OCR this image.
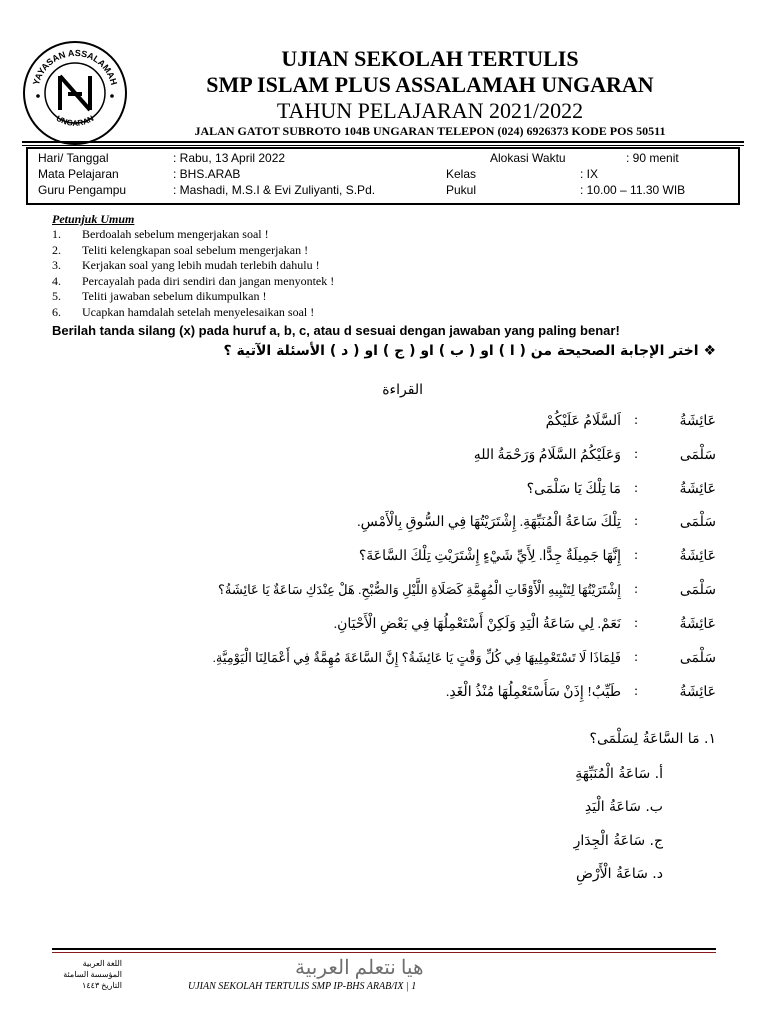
YAYASAN ASSALAMAH
UNGARAN
UJIAN SEKOLAH TERTULIS
SMP ISLAM PLUS ASSALAMAH UNGARAN
TAHUN PELAJARAN 2021/2022
JALAN GATOT SUBROTO 104B UNGARAN TELEPON (024) 6926373 KODE POS 50511
Hari/ Tanggal	: Rabu, 13 April 2022	Alokasi Waktu	: 90 menit
Mata Pelajaran	: BHS.ARAB	Kelas	: IX
Guru Pengampu	: Mashadi, M.S.I & Evi Zuliyanti, S.Pd.	Pukul	: 10.00 – 11.30 WIB
Petunjuk Umum
1. Berdoalah sebelum mengerjakan soal !
2. Teliti kelengkapan soal sebelum mengerjakan !
3. Kerjakan soal yang lebih mudah terlebih dahulu !
4. Percayalah pada diri sendiri dan jangan menyontek !
5. Teliti jawaban sebelum dikumpulkan !
6. Ucapkan hamdalah setelah menyelesaikan soal !
Berilah tanda silang (x) pada huruf a, b, c, atau d sesuai dengan jawaban yang paling benar!
❖ اختر الإجابة الصحيحة من ( ا ) او ( ب ) او ( ج ) او ( د ) الأسئلة الآتية ؟
القراءة
عَائِشَةُ
:
اَلسَّلَامُ عَلَيْكُمْ
سَلْمَى
:
وَعَلَيْكُمُ السَّلَامُ وَرَحْمَةُ اللهِ
عَائِشَةُ
:
مَا تِلْكَ يَا سَلْمَى؟
سَلْمَى
:
تِلْكَ سَاعَةُ الْمُنَبِّهَةِ. إِشْتَرَيْتُهَا فِي السُّوقِ بِالْأَمْسِ.
عَائِشَةُ
:
إِنَّهَا جَمِيلَةٌ جِدًّا. لِأَيِّ شَيْءٍ إِشْتَرَيْتِ تِلْكَ السَّاعَةَ؟
سَلْمَى
:
إِشْتَرَيْتُهَا لِتَنْبِيهِ الْأَوْقَاتِ الْمُهِمَّةِ كَصَلَاةِ اللَّيْلِ وَالصُّبْحِ. هَلْ عِنْدَكِ سَاعَةٌ يَا عَائِشَةُ؟
عَائِشَةُ
:
نَعَمْ. لِي سَاعَةُ الْيَدِ وَلَكِنْ أَسْتَعْمِلُهَا فِي بَعْضِ الْأَحْيَانِ.
سَلْمَى
:
فَلِمَاذَا لَا تَسْتَعْمِلِيهَا فِي كُلِّ وَقْتٍ يَا عَائِشَةُ؟ إِنَّ السَّاعَةَ مُهِمَّةٌ فِي أَعْمَالِنَا الْيَوْمِيَّةِ.
عَائِشَةُ
:
طَيِّبٌ! إِذَنْ سَأَسْتَعْمِلُهَا مُنْذُ الْغَدِ.
١. مَا السَّاعَةُ لِسَلْمَى؟
أ. سَاعَةُ الْمُنَبِّهَةِ
ب. سَاعَةُ الْيَدِ
ج. سَاعَةُ الْجِدَارِ
د. سَاعَةُ الْأَرْضِ
اللغة العربية
المؤسسة السامئة
التاريخ ١٤٤٣
هيا نتعلم العربية
UJIAN SEKOLAH TERTULIS SMP IP-BHS ARAB/IX | 1
